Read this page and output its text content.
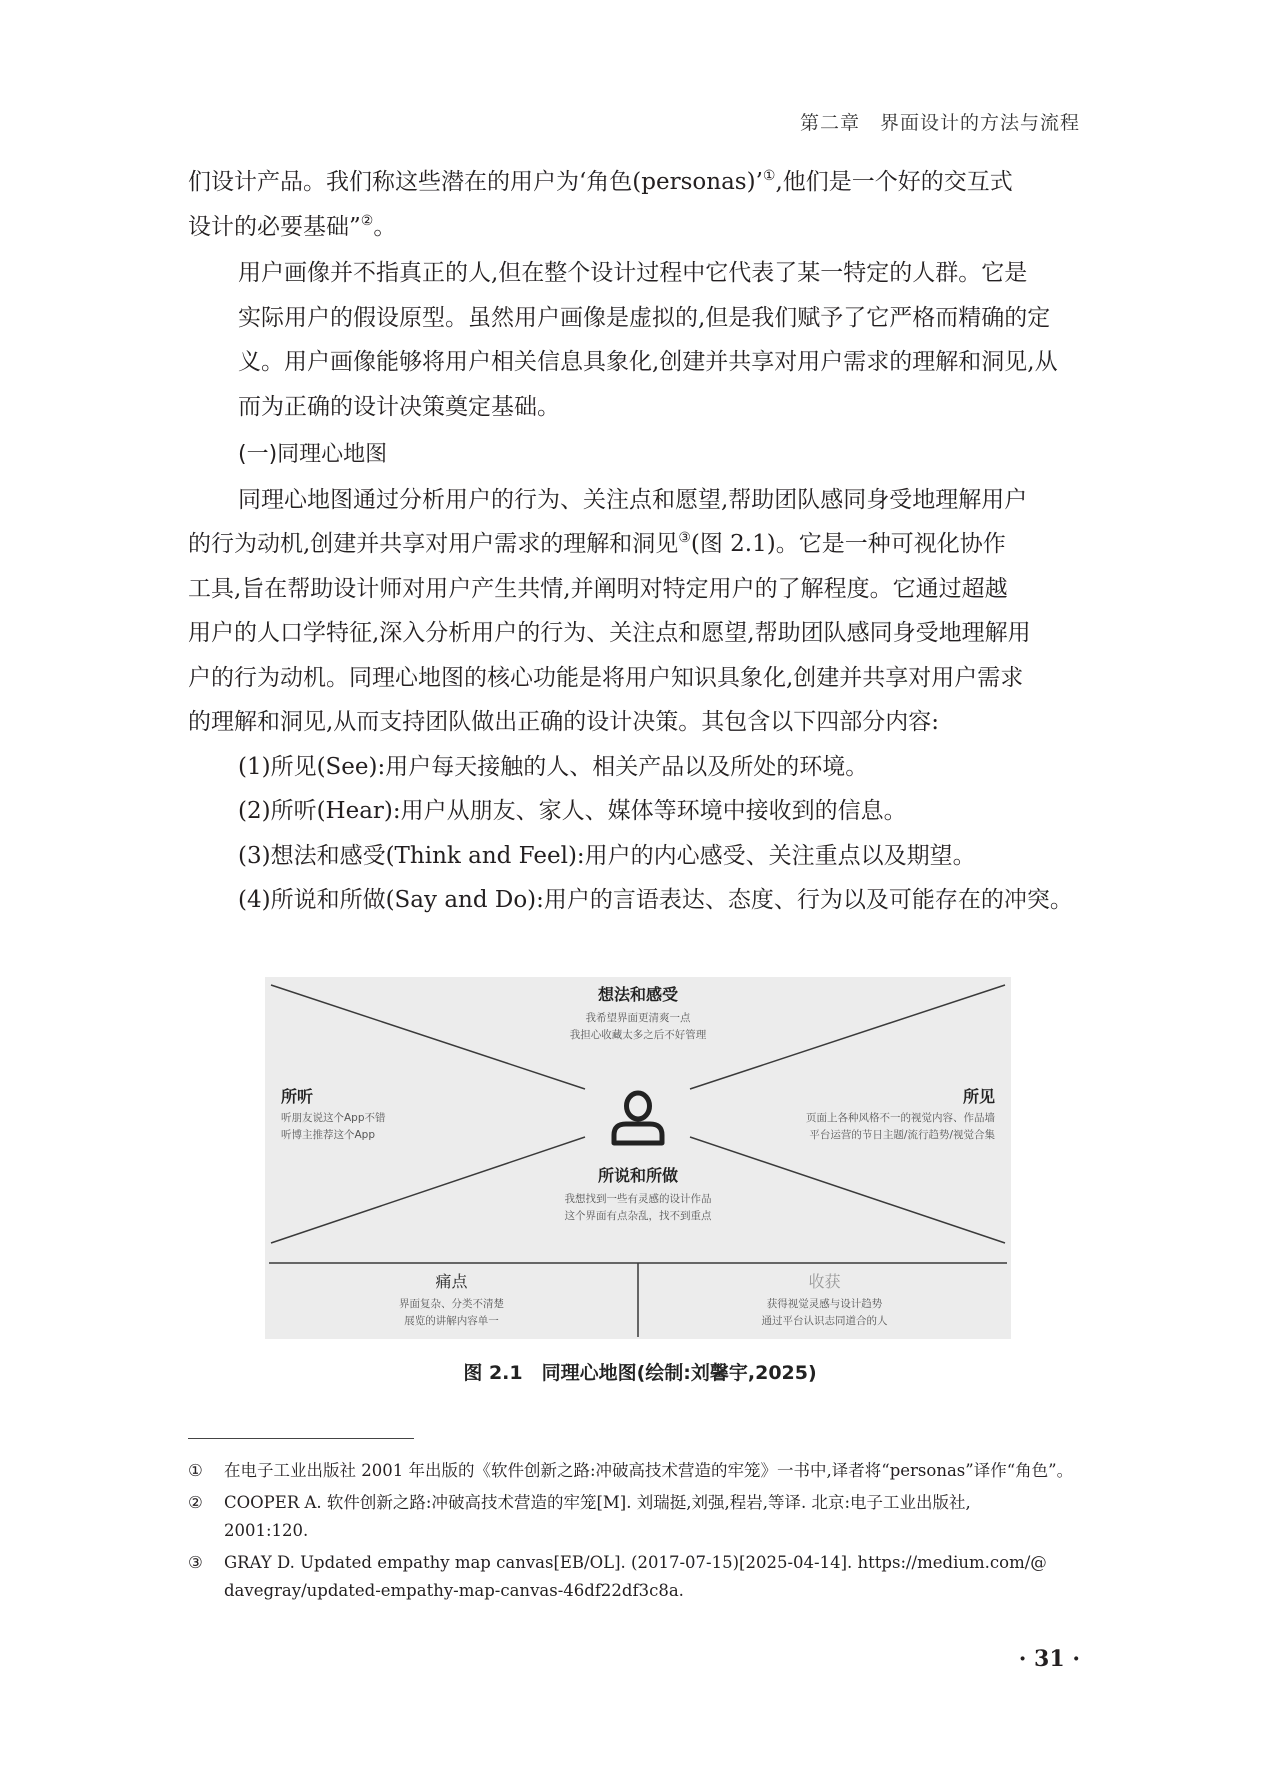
第二章　界面设计的方法与流程

们设计产品。我们称这些潜在的用户为‘角色(personas)’①,他们是一个好的交互式
设计的必要基础”②。

用户画像并不指真正的人,但在整个设计过程中它代表了某一特定的人群。它是
实际用户的假设原型。虽然用户画像是虚拟的,但是我们赋予了它严格而精确的定
义。用户画像能够将用户相关信息具象化,创建并共享对用户需求的理解和洞见,从
而为正确的设计决策奠定基础。

(一)同理心地图

同理心地图通过分析用户的行为、关注点和愿望,帮助团队感同身受地理解用户
的行为动机,创建并共享对用户需求的理解和洞见③(图 2.1)。它是一种可视化协作
工具,旨在帮助设计师对用户产生共情,并阐明对特定用户的了解程度。它通过超越
用户的人口学特征,深入分析用户的行为、关注点和愿望,帮助团队感同身受地理解用
户的行为动机。同理心地图的核心功能是将用户知识具象化,创建并共享对用户需求
的理解和洞见,从而支持团队做出正确的设计决策。其包含以下四部分内容:

(1)所见(See):用户每天接触的人、相关产品以及所处的环境。

(2)所听(Hear):用户从朋友、家人、媒体等环境中接收到的信息。

(3)想法和感受(Think and Feel):用户的内心感受、关注重点以及期望。

(4)所说和所做(Say and Do):用户的言语表达、态度、行为以及可能存在的冲突。

想法和感受
我希望界面更清爽一点
我担心收藏太多之后不好管理
所听
听朋友说这个App不错
听博主推荐这个App
所见
页面上各种风格不一的视觉内容、作品墙
平台运营的节日主题/流行趋势/视觉合集
所说和所做
我想找到一些有灵感的设计作品
这个界面有点杂乱，找不到重点
痛点
界面复杂、分类不清楚
展览的讲解内容单一
收获
获得视觉灵感与设计趋势
通过平台认识志同道合的人
图 2.1　同理心地图(绘制:刘馨宇,2025)
① 在电子工业出版社 2001 年出版的《软件创新之路:冲破高技术营造的牢笼》一书中,译者将“personas”译作“角色”。
② COOPER A. 软件创新之路:冲破高技术营造的牢笼[M]. 刘瑞挺,刘强,程岩,等译. 北京:电子工业出版社,
2001:120.
③ GRAY D. Updated empathy map canvas[EB/OL]. (2017-07-15)[2025-04-14]. https://medium.com/@
davegray/updated-empathy-map-canvas-46df22df3c8a.
· 31 ·
